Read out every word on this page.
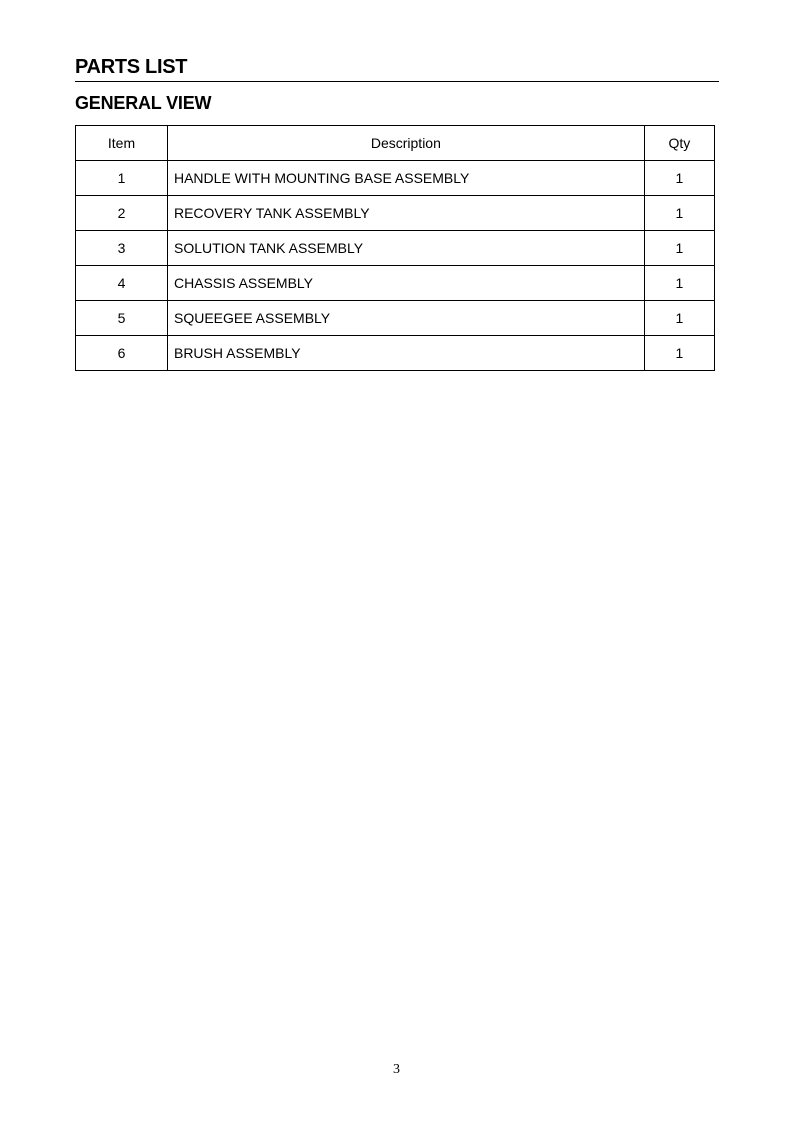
PARTS LIST
GENERAL VIEW
Item	Description	Qty
1	HANDLE WITH MOUNTING BASE ASSEMBLY	1
2	RECOVERY TANK ASSEMBLY	1
3	SOLUTION TANK ASSEMBLY	1
4	CHASSIS ASSEMBLY	1
5	SQUEEGEE ASSEMBLY	1
6	BRUSH ASSEMBLY	1
3
